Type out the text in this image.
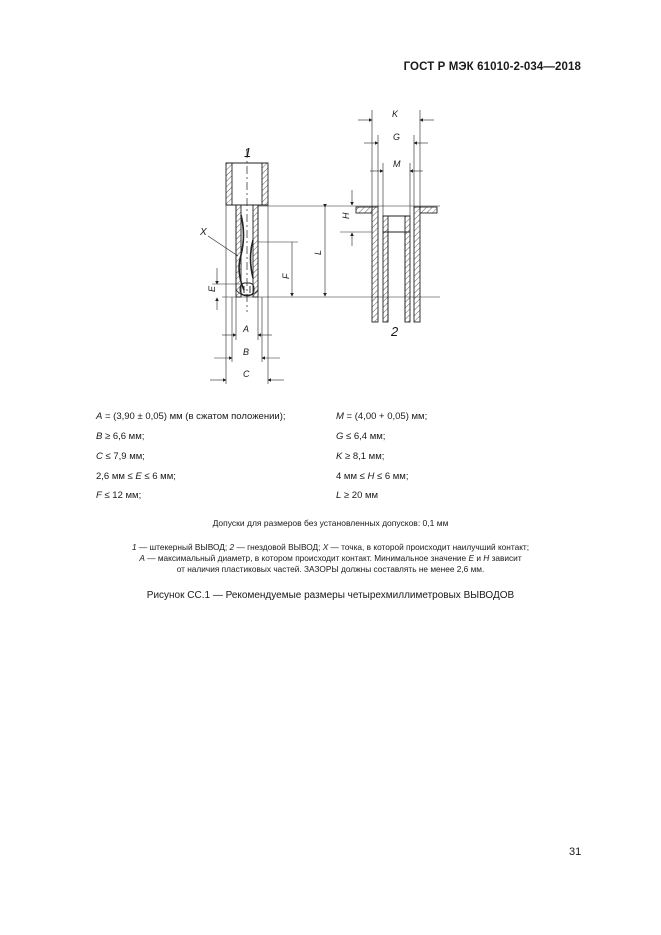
ГОСТ Р МЭК 61010-2-034—2018
1
2
X
E
F
L
H
A
B
C
K
G
M
A = (3,90 ± 0,05) мм (в сжатом положении);
B ≥ 6,6 мм;
C ≤ 7,9 мм;
2,6 мм ≤ E ≤ 6 мм;
F ≤ 12 мм;
M = (4,00 + 0,05) мм;
G ≤ 6,4 мм;
K ≥ 8,1 мм;
4 мм ≤ H ≤ 6 мм;
L ≥ 20 мм
Допуски для размеров без установленных допусков: 0,1 мм
1 — штекерный ВЫВОД; 2 — гнездовой ВЫВОД; X — точка, в которой происходит наилучший контакт;
A — максимальный диаметр, в котором происходит контакт. Минимальное значение E и H зависит
от наличия пластиковых частей. ЗАЗОРЫ должны составлять не менее 2,6 мм.
Рисунок СС.1 — Рекомендуемые размеры четырехмиллиметровых ВЫВОДОВ
31
